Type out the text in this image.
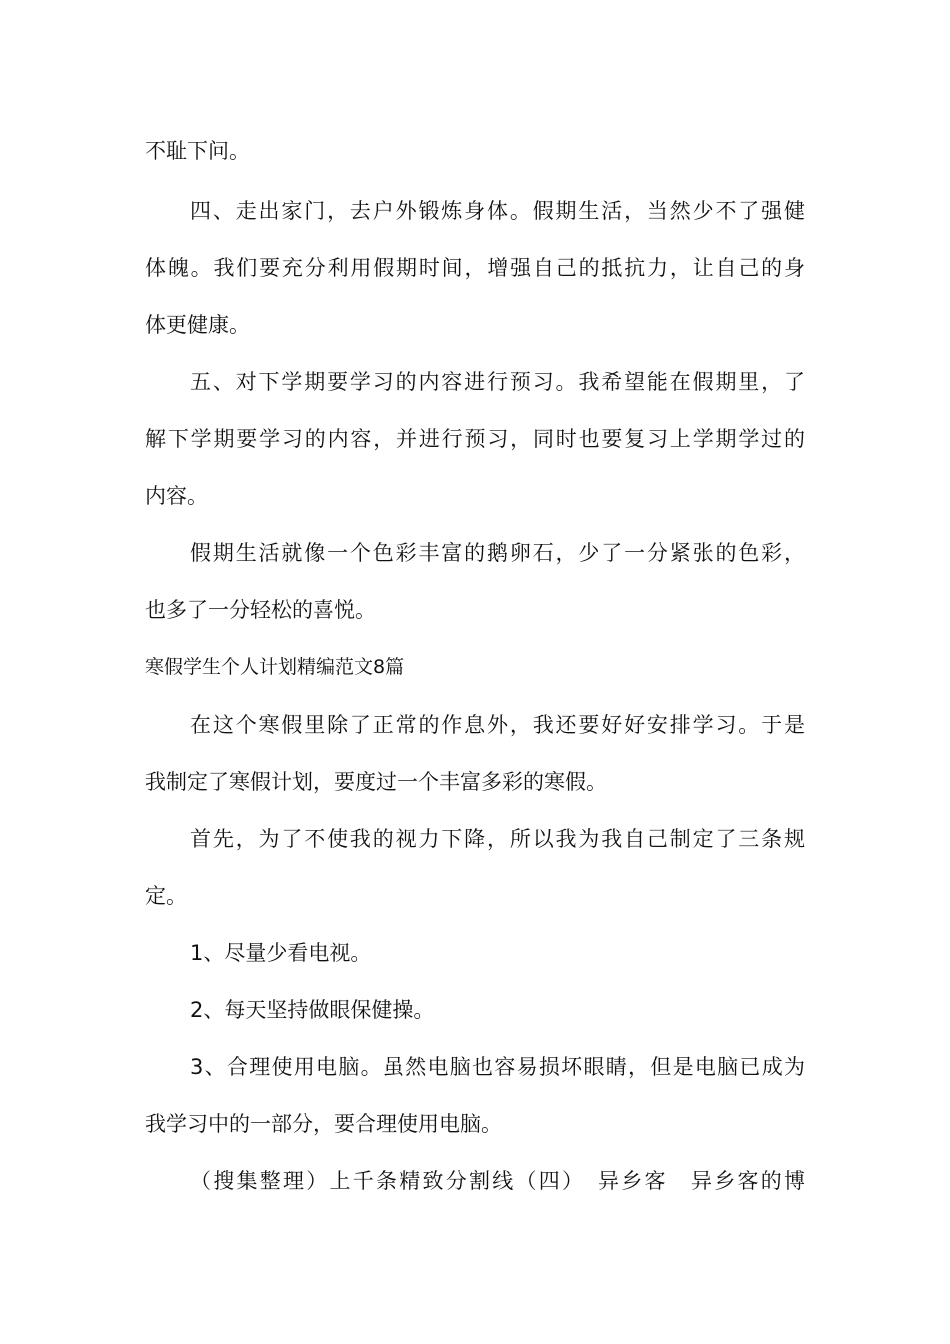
不耻下问。
四、走出家门，去户外锻炼身体。假期生活，当然少不了强健
体魄。我们要充分利用假期时间，增强自己的抵抗力，让自己的身
体更健康。
五、对下学期要学习的内容进行预习。我希望能在假期里，了
解下学期要学习的内容，并进行预习，同时也要复习上学期学过的
内容。
假期生活就像一个色彩丰富的鹅卵石，少了一分紧张的色彩，
也多了一分轻松的喜悦。
寒假学生个人计划精编范文8篇
在这个寒假里除了正常的作息外，我还要好好安排学习。于是
我制定了寒假计划，要度过一个丰富多彩的寒假。
首先，为了不使我的视力下降，所以我为我自己制定了三条规
定。
1、尽量少看电视。
2、每天坚持做眼保健操。
3、合理使用电脑。虽然电脑也容易损坏眼睛，但是电脑已成为
我学习中的一部分，要合理使用电脑。
（搜集整理）上千条精致分割线（四）　异乡客　异乡客的博
